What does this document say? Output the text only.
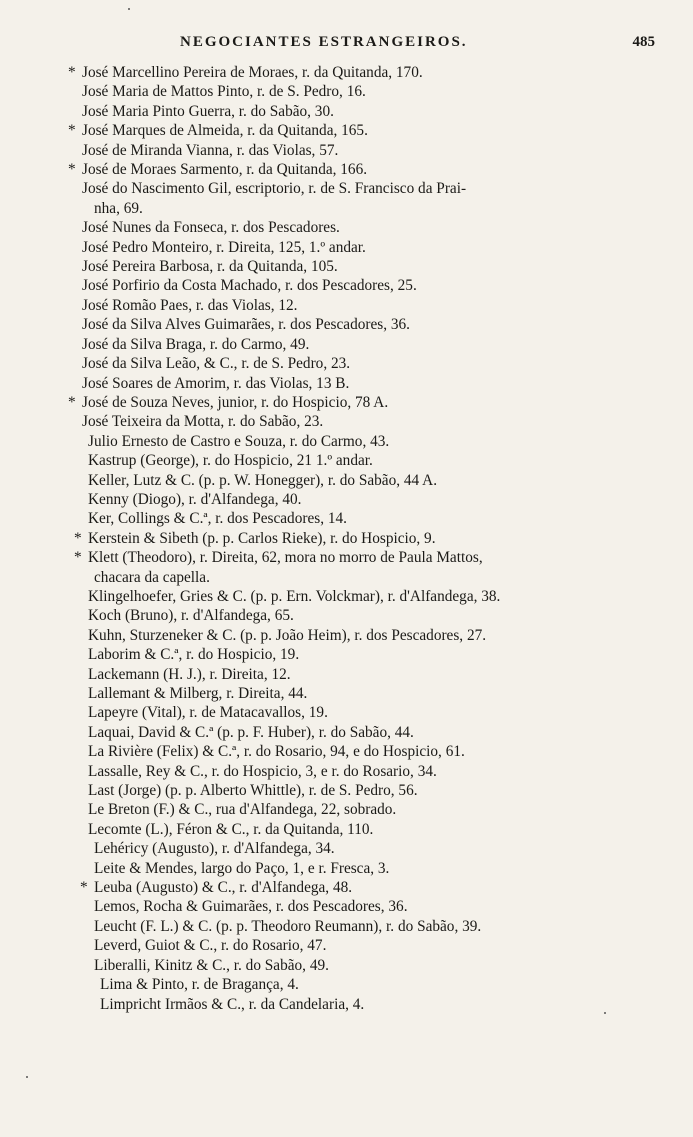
NEGOCIANTES ESTRANGEIROS.	485
* José Marcellino Pereira de Moraes, r. da Quitanda, 170.
José Maria de Mattos Pinto, r. de S. Pedro, 16.
José Maria Pinto Guerra, r. do Sabão, 30.
* José Marques de Almeida, r. da Quitanda, 165.
José de Miranda Vianna, r. das Violas, 57.
* José de Moraes Sarmento, r. da Quitanda, 166.
José do Nascimento Gil, escriptorio, r. de S. Francisco da Prai-
nha, 69.
José Nunes da Fonseca, r. dos Pescadores.
José Pedro Monteiro, r. Direita, 125, 1.º andar.
José Pereira Barbosa, r. da Quitanda, 105.
José Porfirio da Costa Machado, r. dos Pescadores, 25.
José Romão Paes, r. das Violas, 12.
José da Silva Alves Guimarães, r. dos Pescadores, 36.
José da Silva Braga, r. do Carmo, 49.
José da Silva Leão, & C., r. de S. Pedro, 23.
José Soares de Amorim, r. das Violas, 13 B.
* José de Souza Neves, junior, r. do Hospicio, 78 A.
José Teixeira da Motta, r. do Sabão, 23.
Julio Ernesto de Castro e Souza, r. do Carmo, 43.
Kastrup (George), r. do Hospicio, 21 1.º andar.
Keller, Lutz & C. (p. p. W. Honegger), r. do Sabão, 44 A.
Kenny (Diogo), r. d'Alfandega, 40.
Ker, Collings & C.ª, r. dos Pescadores, 14.
* Kerstein & Sibeth (p. p. Carlos Rieke), r. do Hospicio, 9.
* Klett (Theodoro), r. Direita, 62, mora no morro de Paula Mattos,
chacara da capella.
Klingelhoefer, Gries & C. (p. p. Ern. Volckmar), r. d'Alfandega, 38.
Koch (Bruno), r. d'Alfandega, 65.
Kuhn, Sturzeneker & C. (p. p. João Heim), r. dos Pescadores, 27.
Laborim & C.ª, r. do Hospicio, 19.
Lackemann (H. J.), r. Direita, 12.
Lallemant & Milberg, r. Direita, 44.
Lapeyre (Vital), r. de Matacavallos, 19.
Laquai, David & C.ª (p. p. F. Huber), r. do Sabão, 44.
La Rivière (Felix) & C.ª, r. do Rosario, 94, e do Hospicio, 61.
Lassalle, Rey & C., r. do Hospicio, 3, e r. do Rosario, 34.
Last (Jorge) (p. p. Alberto Whittle), r. de S. Pedro, 56.
Le Breton (F.) & C., rua d'Alfandega, 22, sobrado.
Lecomte (L.), Féron & C., r. da Quitanda, 110.
Lehéricy (Augusto), r. d'Alfandega, 34.
Leite & Mendes, largo do Paço, 1, e r. Fresca, 3.
* Leuba (Augusto) & C., r. d'Alfandega, 48.
Lemos, Rocha & Guimarães, r. dos Pescadores, 36.
Leucht (F. L.) & C. (p. p. Theodoro Reumann), r. do Sabão, 39.
Leverd, Guiot & C., r. do Rosario, 47.
Liberalli, Kinitz & C., r. do Sabão, 49.
Lima & Pinto, r. de Bragança, 4.
Limpricht Irmãos & C., r. da Candelaria, 4.
